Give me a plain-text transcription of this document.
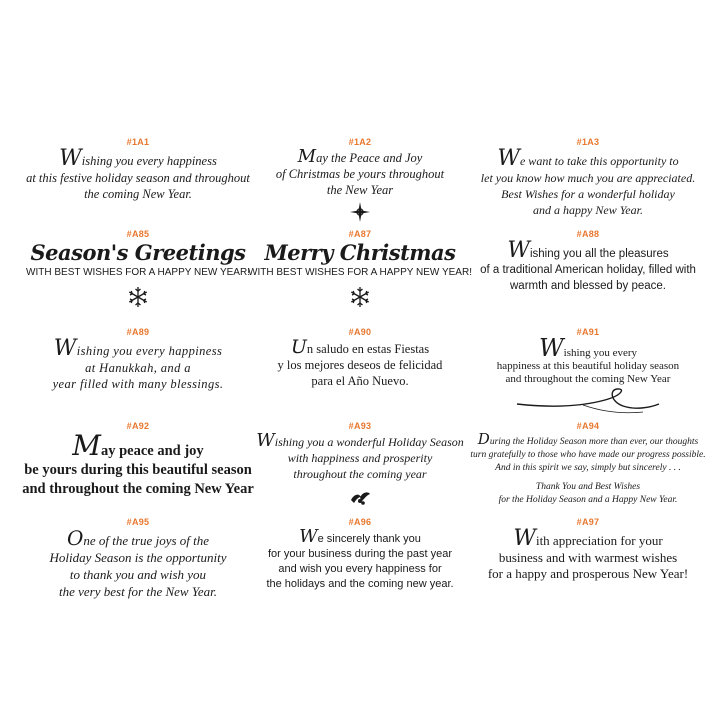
#1A1
Wishing you every happiness
at this festive holiday season and throughout
the coming New Year.
#1A2
May the Peace and Joy
of Christmas be yours throughout
the New Year
#1A3
We want to take this opportunity to
let you know how much you are appreciated.
Best Wishes for a wonderful holiday
and a happy New Year.
#A85
Season's Greetings
WITH BEST WISHES FOR A HAPPY NEW YEAR!
#A87
Merry Christmas
WITH BEST WISHES FOR A HAPPY NEW YEAR!
#A88
Wishing you all the pleasures
of a traditional American holiday, filled with
warmth and blessed by peace.
#A89
Wishing you every happiness
at Hanukkah, and a
year filled with many blessings.
#A90
Un saludo en estas Fiestas
y los mejores deseos de felicidad
para el Año Nuevo.
#A91
Wishing you every
happiness at this beautiful holiday season
and throughout the coming New Year
#A92
May peace and joy
be yours during this beautiful season
and throughout the coming New Year
#A93
Wishing you a wonderful Holiday Season
with happiness and prosperity
throughout the coming year
#A94
During the Holiday Season more than ever, our thoughts
turn gratefully to those who have made our progress possible.
And in this spirit we say, simply but sincerely . . .
Thank You and Best Wishes
for the Holiday Season and a Happy New Year.
#A95
One of the true joys of the
Holiday Season is the opportunity
to thank you and wish you
the very best for the New Year.
#A96
We sincerely thank you
for your business during the past year
and wish you every happiness for
the holidays and the coming new year.
#A97
With appreciation for your
business and with warmest wishes
for a happy and prosperous New Year!
